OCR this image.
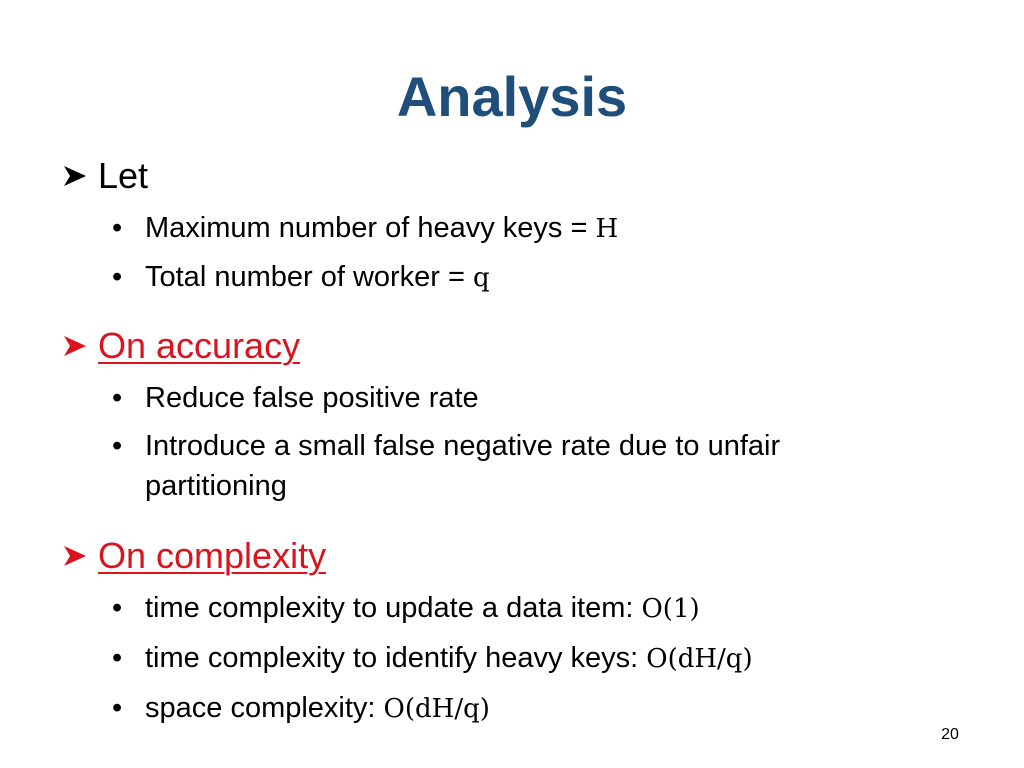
Analysis
Let
• Maximum number of heavy keys = H
• Total number of worker = q
On accuracy
• Reduce false positive rate
• Introduce a small false negative rate due to unfair partitioning
On complexity
• time complexity to update a data item: O(1)
• time complexity to identify heavy keys: O(dH/q)
• space complexity: O(dH/q)
20
